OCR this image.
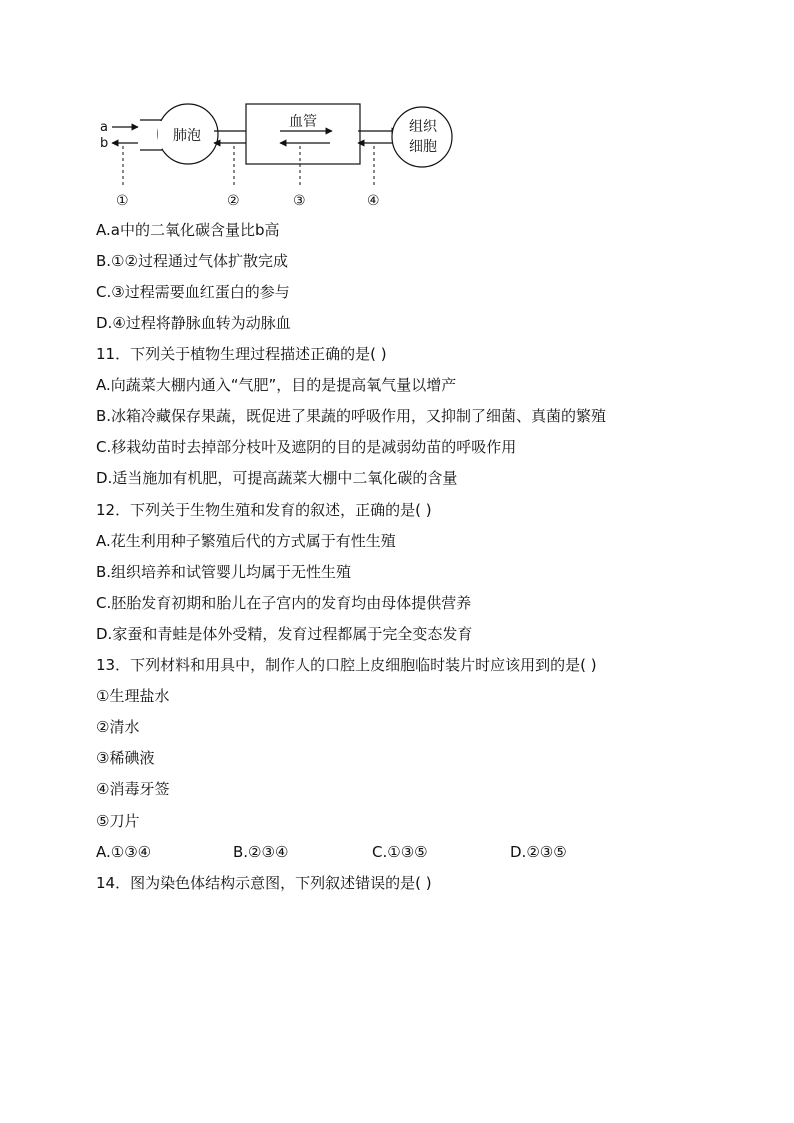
a
b	肺泡
血管	组织
细胞
①	②	③	④
A.a中的二氧化碳含量比b高
B.①②过程通过气体扩散完成
C.③过程需要血红蛋白的参与
D.④过程将静脉血转为动脉血
11．下列关于植物生理过程描述正确的是( )
A.向蔬菜大棚内通入“气肥”，目的是提高氧气量以增产
B.冰箱冷藏保存果蔬，既促进了果蔬的呼吸作用，又抑制了细菌、真菌的繁殖
C.移栽幼苗时去掉部分枝叶及遮阴的目的是减弱幼苗的呼吸作用
D.适当施加有机肥，可提高蔬菜大棚中二氧化碳的含量
12．下列关于生物生殖和发育的叙述，正确的是( )
A.花生利用种子繁殖后代的方式属于有性生殖
B.组织培养和试管婴儿均属于无性生殖
C.胚胎发育初期和胎儿在子宫内的发育均由母体提供营养
D.家蚕和青蛙是体外受精，发育过程都属于完全变态发育
13．下列材料和用具中，制作人的口腔上皮细胞临时装片时应该用到的是( )
①生理盐水
②清水
③稀碘液
④消毒牙签
⑤刀片
A.①③④	B.②③④	C.①③⑤	D.②③⑤
14．图为染色体结构示意图，下列叙述错误的是( )
